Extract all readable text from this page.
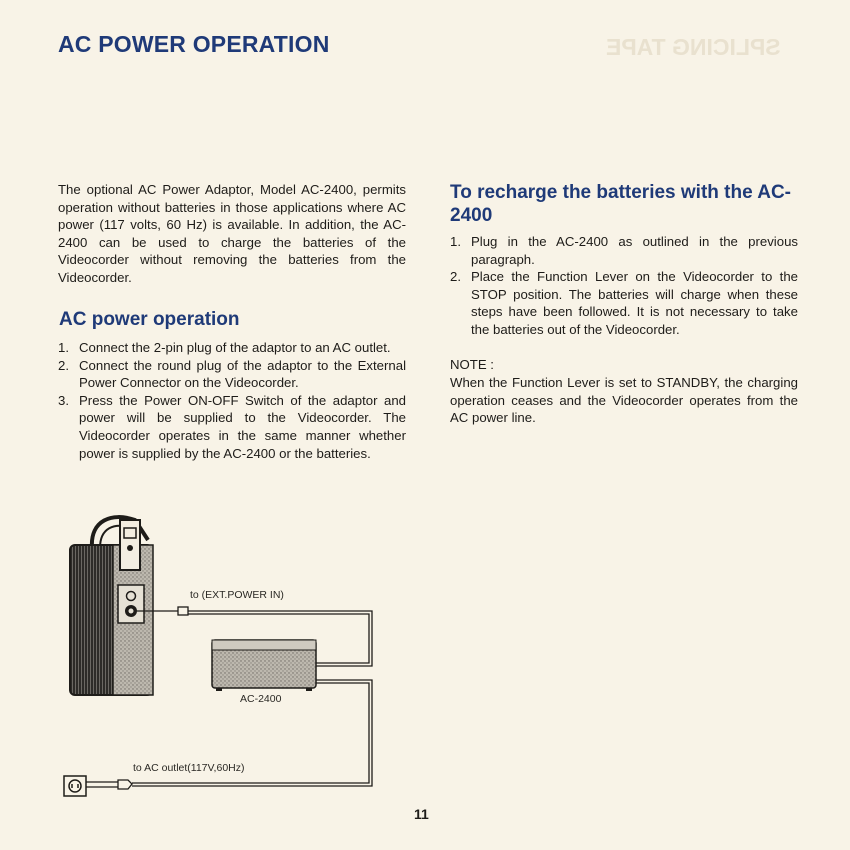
SPLICING TAPE
AC POWER OPERATION

The optional AC Power Adaptor, Model AC-2400, permits operation without batteries in those applications where AC power (117 volts, 60 Hz) is available. In addition, the AC-2400 can be used to charge the batteries of the Videocorder without removing the batteries from the Videocorder.

AC power operation
1. Connect the 2-pin plug of the adaptor to an AC outlet.
2. Connect the round plug of the adaptor to the External Power Connector on the Videocorder.
3. Press the Power ON-OFF Switch of the adaptor and power will be supplied to the Videocorder. The Videocorder operates in the same manner whether power is supplied by the AC-2400 or the batteries.
To recharge the batteries with the AC-2400
1. Plug in the AC-2400 as outlined in the previous paragraph.
2. Place the Function Lever on the Videocorder to the STOP position. The batteries will charge when these steps have been followed. It is not necessary to take the batteries out of the Videocorder.

NOTE :

When the Function Lever is set to STANDBY, the charging operation ceases and the Videocorder operates from the AC power line.

to (EXT.POWER IN)
AC-2400
to AC outlet(117V,60Hz)
11
